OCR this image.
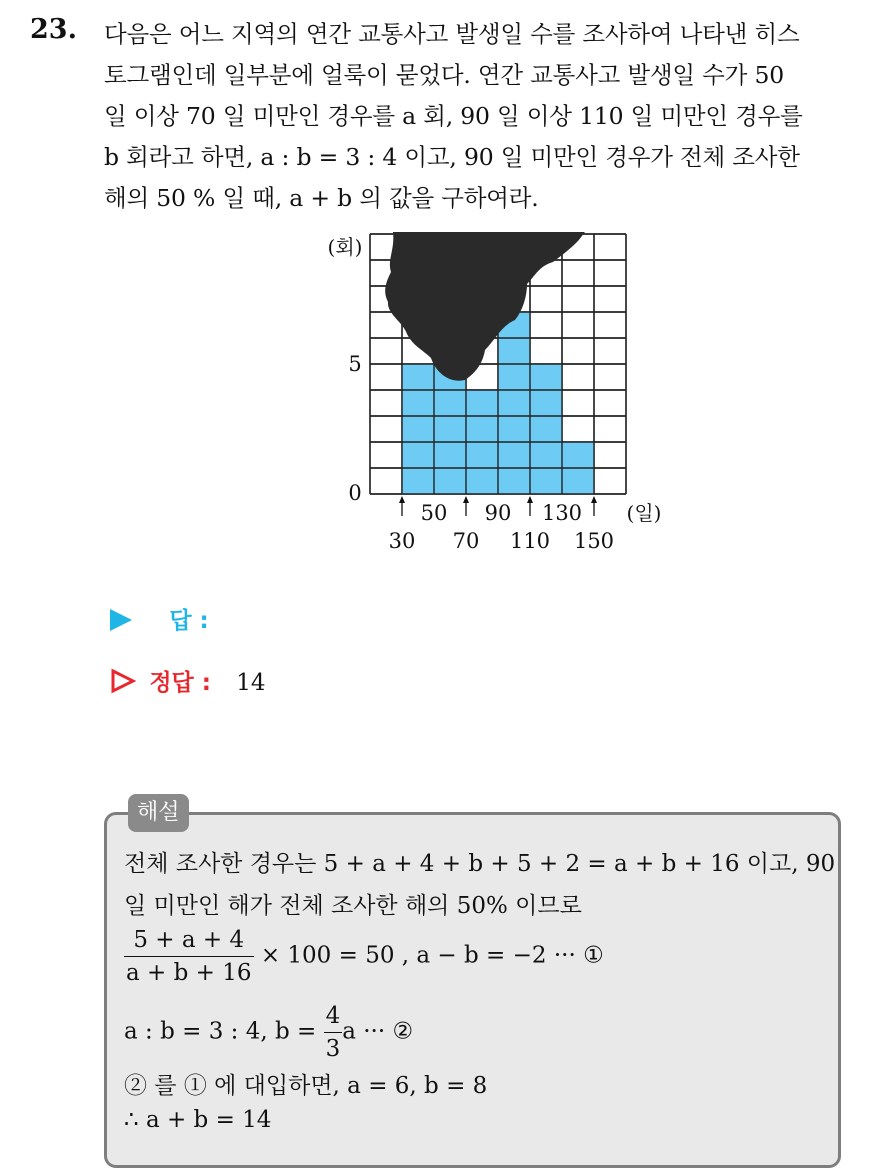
23. 다음은 어느 지역의 연간 교통사고 발생일 수를 조사하여 나타낸 히스
토그램인데 일부분에 얼룩이 묻었다. 연간 교통사고 발생일 수가 50
일 이상 70 일 미만인 경우를 a 회, 90 일 이상 110 일 미만인 경우를
b 회라고 하면, a : b = 3 : 4 이고, 90 일 미만인 경우가 전체 조사한
해의 50 % 일 때, a + b 의 값을 구하여라.
(회)
0
5
30 70 110 150
50 90 130 (일)
답 :
정답 : 14
해설
전체 조사한 경우는 5 + a + 4 + b + 5 + 2 = a + b + 16 이고, 90
일 미만인 해가 전체 조사한 해의 50% 이므로
$\frac{5 + a + 4}{a + b + 16} \times 100 = 50$ , a − b = −2 ··· ①
a : b = 3 : 4, $b = \frac{4}{3}$ a ··· ②
② 를 ① 에 대입하면, a = 6, b = 8
∴ a + b = 14
